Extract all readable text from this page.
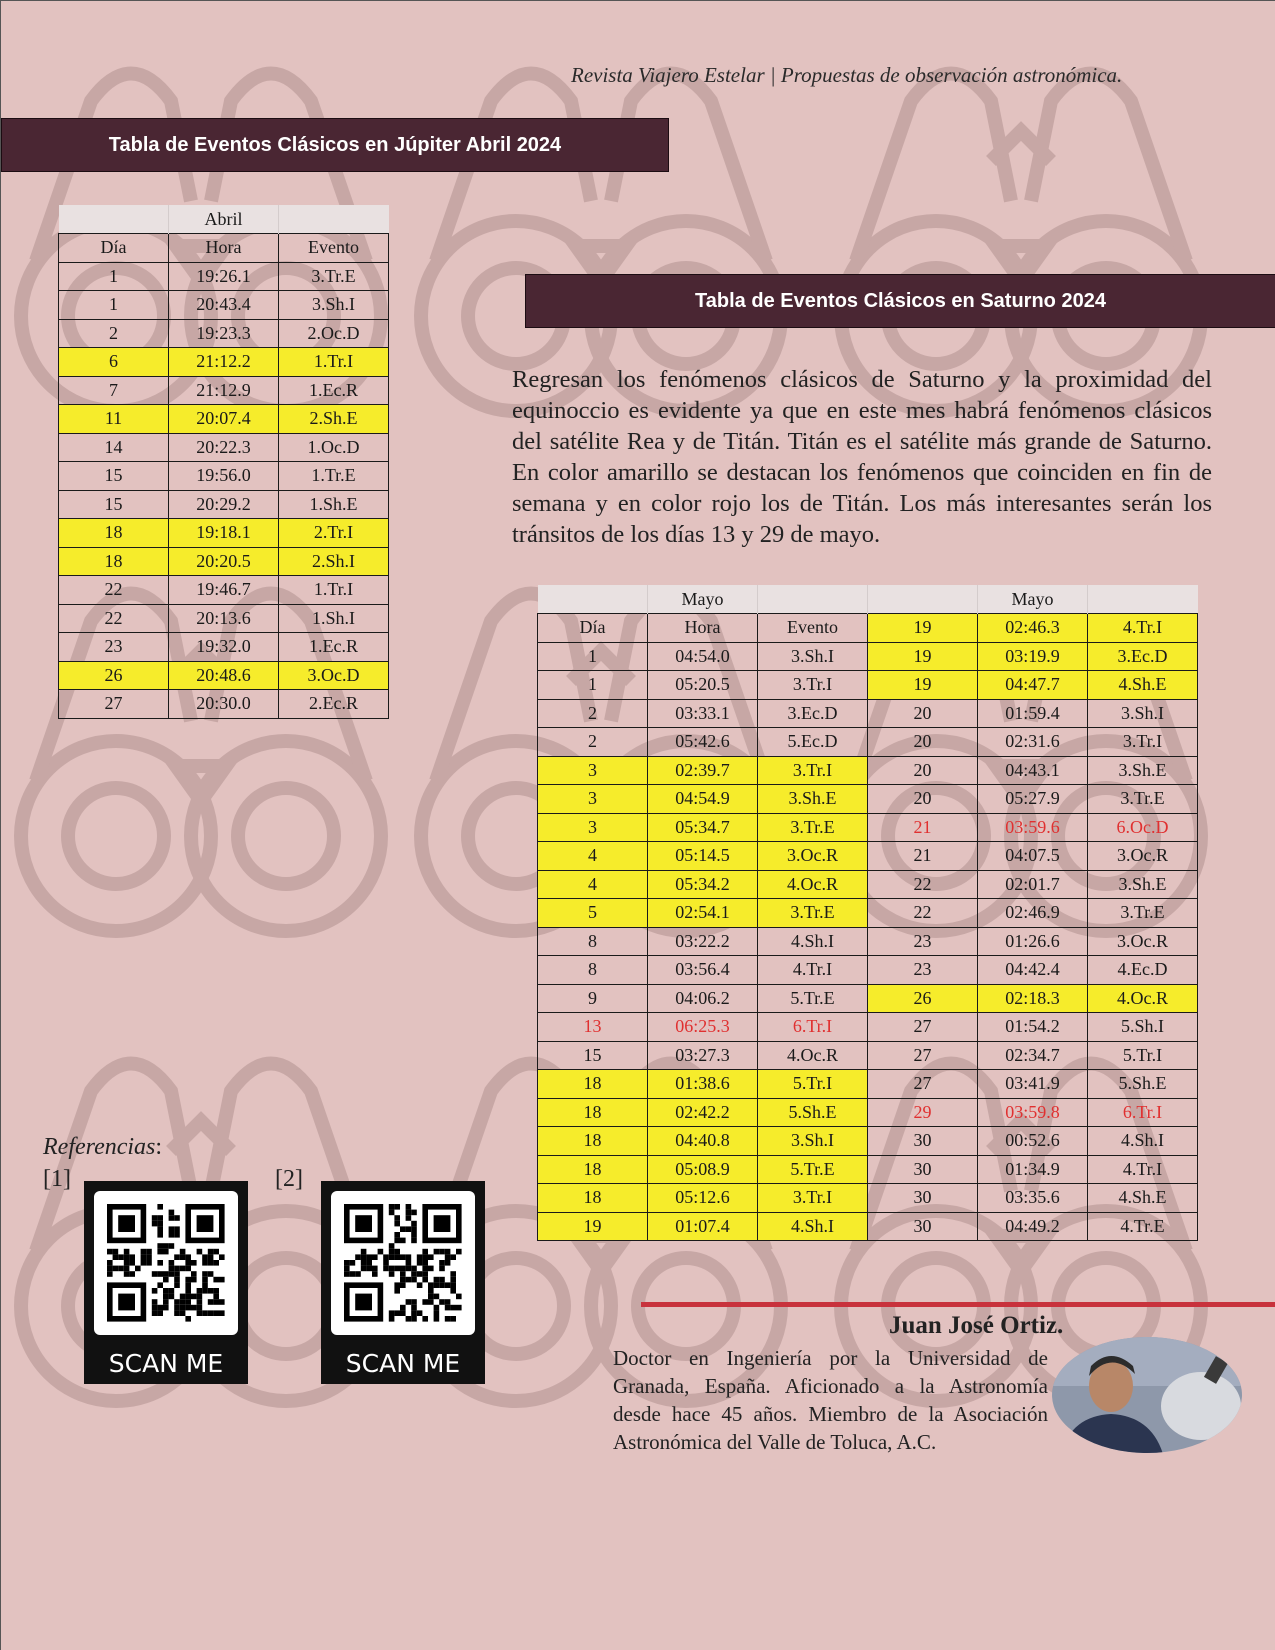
Revista Viajero Estelar | Propuestas de observación astronómica.
Tabla de Eventos Clásicos en Júpiter Abril 2024
	Abril	
Día	Hora	Evento
1	19:26.1	3.Tr.E
1	20:43.4	3.Sh.I
2	19:23.3	2.Oc.D
6	21:12.2	1.Tr.I
7	21:12.9	1.Ec.R
11	20:07.4	2.Sh.E
14	20:22.3	1.Oc.D
15	19:56.0	1.Tr.E
15	20:29.2	1.Sh.E
18	19:18.1	2.Tr.I
18	20:20.5	2.Sh.I
22	19:46.7	1.Tr.I
22	20:13.6	1.Sh.I
23	19:32.0	1.Ec.R
26	20:48.6	3.Oc.D
27	20:30.0	2.Ec.R
Tabla de Eventos Clásicos en Saturno 2024
Regresan los fenómenos clásicos de Saturno y la proximidad del equinoccio es evidente ya que en este mes habrá fenómenos clásicos del satélite Rea y de Titán. Titán es el satélite más grande de Saturno. En color amarillo se destacan los fenómenos que coinciden en fin de semana y en color rojo los de Titán. Los más interesantes serán los tránsitos de los días 13 y 29 de mayo.
	Mayo			Mayo	
Día	Hora	Evento	19	02:46.3	4.Tr.I
1	04:54.0	3.Sh.I	19	03:19.9	3.Ec.D
1	05:20.5	3.Tr.I	19	04:47.7	4.Sh.E
2	03:33.1	3.Ec.D	20	01:59.4	3.Sh.I
2	05:42.6	5.Ec.D	20	02:31.6	3.Tr.I
3	02:39.7	3.Tr.I	20	04:43.1	3.Sh.E
3	04:54.9	3.Sh.E	20	05:27.9	3.Tr.E
3	05:34.7	3.Tr.E	21	03:59.6	6.Oc.D
4	05:14.5	3.Oc.R	21	04:07.5	3.Oc.R
4	05:34.2	4.Oc.R	22	02:01.7	3.Sh.E
5	02:54.1	3.Tr.E	22	02:46.9	3.Tr.E
8	03:22.2	4.Sh.I	23	01:26.6	3.Oc.R
8	03:56.4	4.Tr.I	23	04:42.4	4.Ec.D
9	04:06.2	5.Tr.E	26	02:18.3	4.Oc.R
13	06:25.3	6.Tr.I	27	01:54.2	5.Sh.I
15	03:27.3	4.Oc.R	27	02:34.7	5.Tr.I
18	01:38.6	5.Tr.I	27	03:41.9	5.Sh.E
18	02:42.2	5.Sh.E	29	03:59.8	6.Tr.I
18	04:40.8	3.Sh.I	30	00:52.6	4.Sh.I
18	05:08.9	5.Tr.E	30	01:34.9	4.Tr.I
18	05:12.6	3.Tr.I	30	03:35.6	4.Sh.E
19	01:07.4	4.Sh.I	30	04:49.2	4.Tr.E
Referencias:
[1]
SCAN ME
[2]
SCAN ME
Juan José Ortiz.
Doctor en Ingeniería por la Universidad de Granada, España. Aficionado a la Astronomía desde hace 45 años. Miembro de la Asociación Astronómica del Valle de Toluca, A.C.
